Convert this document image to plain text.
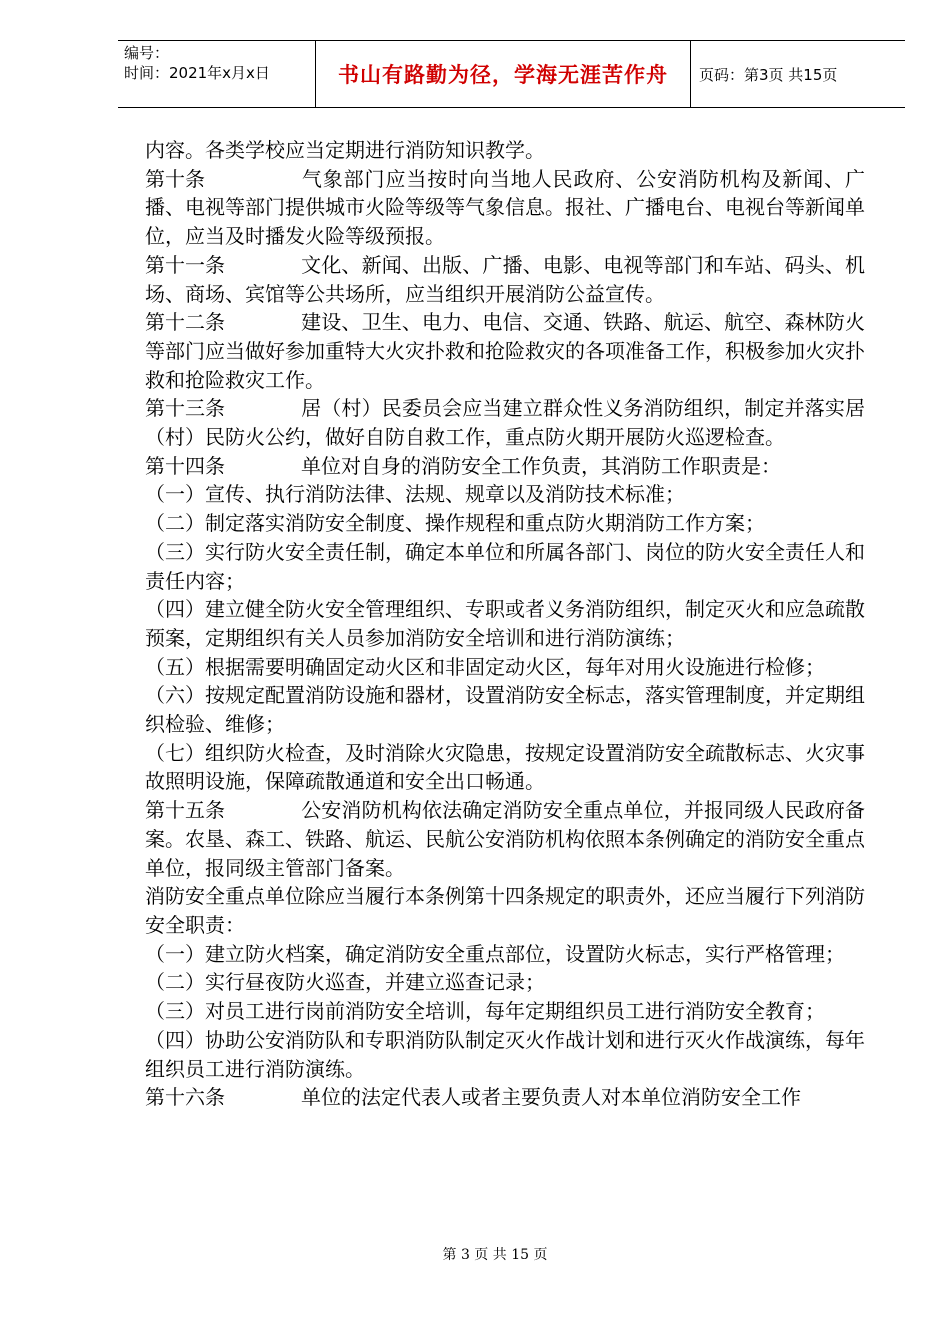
编号：
时间：2021年x月x日	书山有路勤为径，学海无涯苦作舟	页码：第3页 共15页

内容。各类学校应当定期进行消防知识教学。

第十条	气象部门应当按时向当地人民政府、公安消防机构及新闻、广播、电视等部门提供城市火险等级等气象信息。报社、广播电台、电视台等新闻单位，应当及时播发火险等级预报。

第十一条	文化、新闻、出版、广播、电影、电视等部门和车站、码头、机场、商场、宾馆等公共场所，应当组织开展消防公益宣传。

第十二条	建设、卫生、电力、电信、交通、铁路、航运、航空、森林防火等部门应当做好参加重特大火灾扑救和抢险救灾的各项准备工作，积极参加火灾扑救和抢险救灾工作。

第十三条	居（村）民委员会应当建立群众性义务消防组织，制定并落实居（村）民防火公约，做好自防自救工作，重点防火期开展防火巡逻检查。

第十四条	单位对自身的消防安全工作负责，其消防工作职责是：

（一）宣传、执行消防法律、法规、规章以及消防技术标准；

（二）制定落实消防安全制度、操作规程和重点防火期消防工作方案；

（三）实行防火安全责任制，确定本单位和所属各部门、岗位的防火安全责任人和责任内容；

（四）建立健全防火安全管理组织、专职或者义务消防组织，制定灭火和应急疏散预案，定期组织有关人员参加消防安全培训和进行消防演练；

（五）根据需要明确固定动火区和非固定动火区，每年对用火设施进行检修；

（六）按规定配置消防设施和器材，设置消防安全标志，落实管理制度，并定期组织检验、维修；

（七）组织防火检查，及时消除火灾隐患，按规定设置消防安全疏散标志、火灾事故照明设施，保障疏散通道和安全出口畅通。

第十五条	公安消防机构依法确定消防安全重点单位，并报同级人民政府备案。农垦、森工、铁路、航运、民航公安消防机构依照本条例确定的消防安全重点单位，报同级主管部门备案。

消防安全重点单位除应当履行本条例第十四条规定的职责外，还应当履行下列消防安全职责：

（一）建立防火档案，确定消防安全重点部位，设置防火标志，实行严格管理；

（二）实行昼夜防火巡查，并建立巡查记录；

（三）对员工进行岗前消防安全培训，每年定期组织员工进行消防安全教育；

（四）协助公安消防队和专职消防队制定灭火作战计划和进行灭火作战演练，每年组织员工进行消防演练。

第十六条	单位的法定代表人或者主要负责人对本单位消防安全工作

第 3 页 共 15 页
